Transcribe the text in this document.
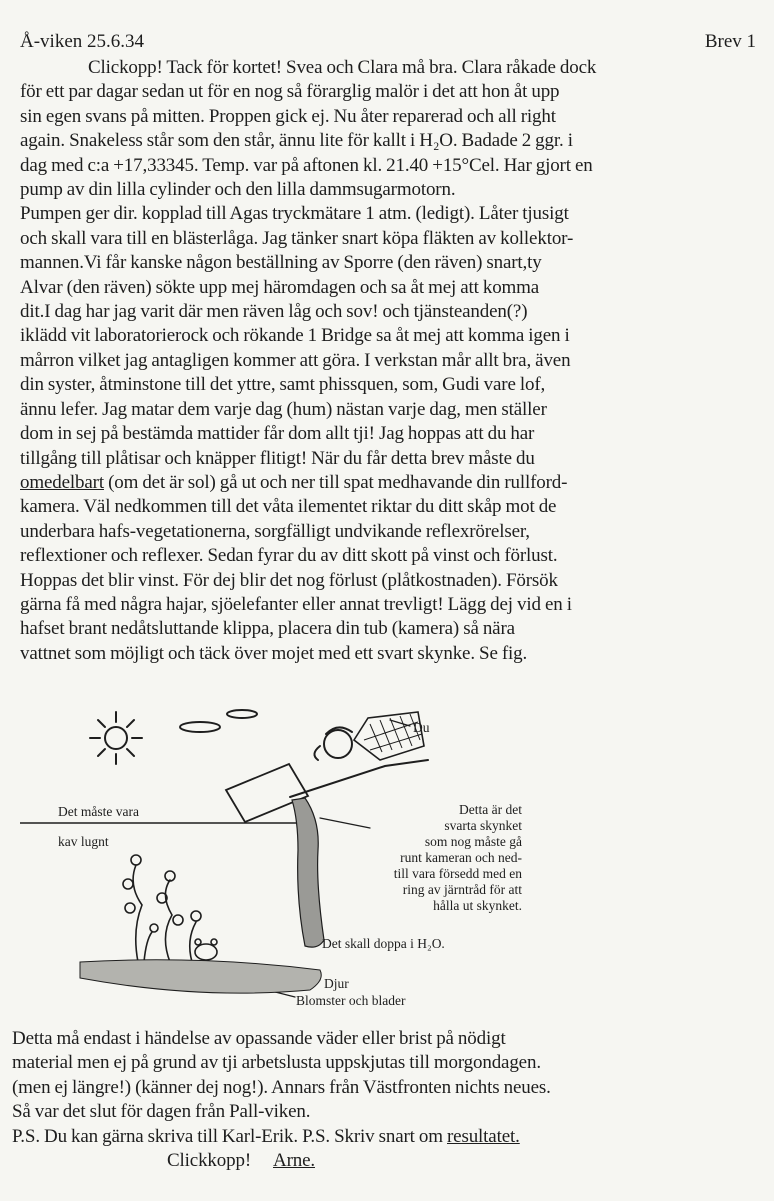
Å-viken 25.6.34	Brev 1

Clickopp! Tack för kortet! Svea och Clara må bra. Clara råkade dock

för ett par dagar sedan ut för en nog så förarglig malör i det att hon åt upp

sin egen svans på mitten. Proppen gick ej. Nu åter reparerad och all right

again. Snakeless står som den står, ännu lite för kallt i H₂O. Badade 2 ggr. i

dag med c:a +17,33345. Temp. var på aftonen kl. 21.40 +15°Cel. Har gjort en

pump av din lilla cylinder och den lilla dammsugarmotorn.

Pumpen ger dir. kopplad till Agas tryckmätare 1 atm. (ledigt). Låter tjusigt

och skall vara till en blästerlåga. Jag tänker snart köpa fläkten av kollektor-

mannen.Vi får kanske någon beställning av Sporre (den räven) snart,ty

Alvar (den räven) sökte upp mej häromdagen och sa åt mej att komma

dit.I dag har jag varit där men räven låg och sov! och tjänsteanden(?)

iklädd vit laboratorierock och rökande 1 Bridge sa åt mej att komma igen i

mårron vilket jag antagligen kommer att göra. I verkstan mår allt bra, även

din syster, åtminstone till det yttre, samt phissquen, som, Gudi vare lof,

ännu lefer. Jag matar dem varje dag (hum) nästan varje dag, men ställer

dom in sej på bestämda mattider får dom allt tji! Jag hoppas att du har

tillgång till plåtisar och knäpper flitigt! När du får detta brev måste du

omedelbart (om det är sol) gå ut och ner till spat medhavande din rullford-

kamera. Väl nedkommen till det våta ilementet riktar du ditt skåp mot de

underbara hafs-vegetationerna, sorgfälligt undvikande reflexrörelser,

reflextioner och reflexer. Sedan fyrar du av ditt skott på vinst och förlust.

Hoppas det blir vinst. För dej blir det nog förlust (plåtkostnaden). Försök

gärna få med några hajar, sjöelefanter eller annat trevligt! Lägg dej vid en i

hafset brant nedåtsluttande klippa, placera din tub (kamera) så nära

vattnet som möjligt och täck över mojet med ett svart skynke. Se fig.

Du
Det måste vara
kav lugnt
Detta är det
svarta skynket
som nog måste gå
runt kameran och ned-
till vara försedd med en
ring av järntråd för att
hålla ut skynket.
Det skall doppa i H₂O.
Djur
Blomster och blader

Detta må endast i händelse av opassande väder eller brist på nödigt

material men ej på grund av tji arbetslusta uppskjutas till morgondagen.

(men ej längre!) (känner dej nog!). Annars från Västfronten nichts neues.

Så var det slut för dagen från Pall-viken.

P.S. Du kan gärna skriva till Karl-Erik. P.S. Skriv snart om resultatet.

Clickkopp! Arne.
